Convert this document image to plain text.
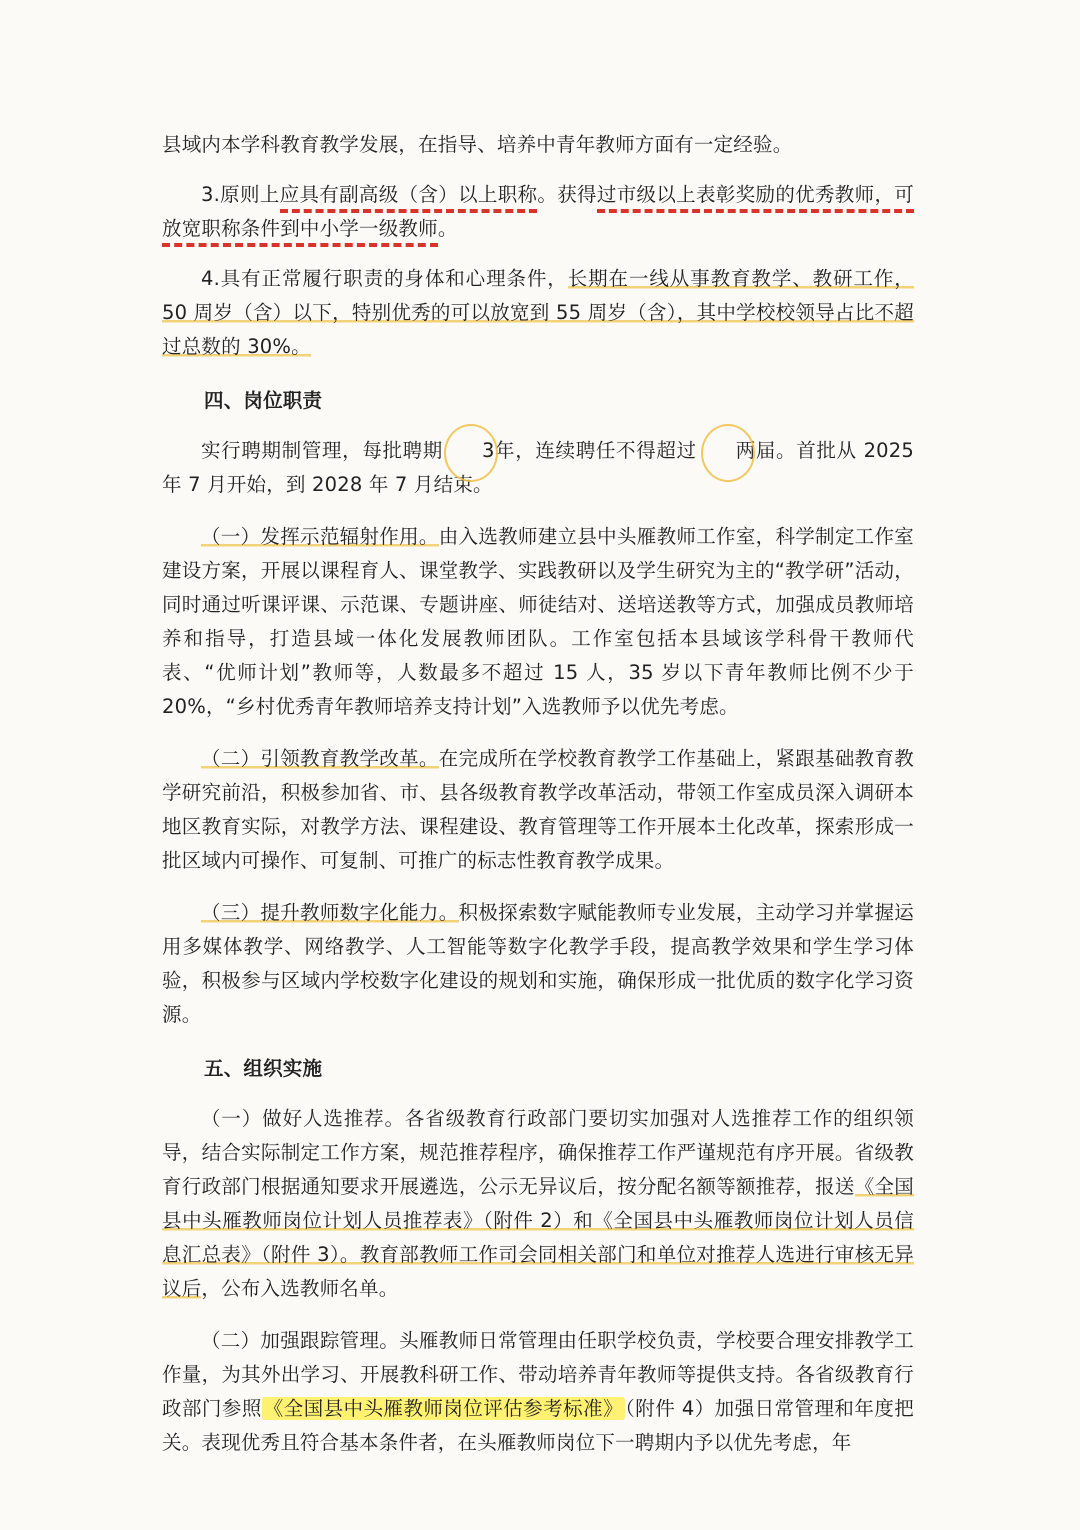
县域内本学科教育教学发展，在指导、培养中青年教师方面有一定经验。

3.原则上应具有副高级（含）以上职称。获得过市级以上表彰奖励的优秀教师，可放宽职称条件到中小学一级教师。

4.具有正常履行职责的身体和心理条件，长期在一线从事教育教学、教研工作，50 周岁（含）以下，特别优秀的可以放宽到 55 周岁（含），其中学校校领导占比不超过总数的 30%。

四、岗位职责

实行聘期制管理，每批聘期 3年，连续聘任不得超过 两届。首批从 2025 年 7 月开始，到 2028 年 7 月结束。

（一）发挥示范辐射作用。由入选教师建立县中头雁教师工作室，科学制定工作室建设方案，开展以课程育人、课堂教学、实践教研以及学生研究为主的“教学研”活动，同时通过听课评课、示范课、专题讲座、师徒结对、送培送教等方式，加强成员教师培养和指导，打造县域一体化发展教师团队。工作室包括本县域该学科骨干教师代表、“优师计划”教师等，人数最多不超过 15 人，35 岁以下青年教师比例不少于 20%，“乡村优秀青年教师培养支持计划”入选教师予以优先考虑。

（二）引领教育教学改革。在完成所在学校教育教学工作基础上，紧跟基础教育教学研究前沿，积极参加省、市、县各级教育教学改革活动，带领工作室成员深入调研本地区教育实际，对教学方法、课程建设、教育管理等工作开展本土化改革，探索形成一批区域内可操作、可复制、可推广的标志性教育教学成果。

（三）提升教师数字化能力。积极探索数字赋能教师专业发展，主动学习并掌握运用多媒体教学、网络教学、人工智能等数字化教学手段，提高教学效果和学生学习体验，积极参与区域内学校数字化建设的规划和实施，确保形成一批优质的数字化学习资源。

五、组织实施

（一）做好人选推荐。各省级教育行政部门要切实加强对人选推荐工作的组织领导，结合实际制定工作方案，规范推荐程序，确保推荐工作严谨规范有序开展。省级教育行政部门根据通知要求开展遴选，公示无异议后，按分配名额等额推荐，报送《全国县中头雁教师岗位计划人员推荐表》（附件 2）和《全国县中头雁教师岗位计划人员信息汇总表》（附件 3）。教育部教师工作司会同相关部门和单位对推荐人选进行审核无异议后，公布入选教师名单。

（二）加强跟踪管理。头雁教师日常管理由任职学校负责，学校要合理安排教学工作量，为其外出学习、开展教科研工作、带动培养青年教师等提供支持。各省级教育行政部门参照 《全国县中头雁教师岗位评估参考标准》 （附件 4）加强日常管理和年度把关。表现优秀且符合基本条件者，在头雁教师岗位下一聘期内予以优先考虑，年
